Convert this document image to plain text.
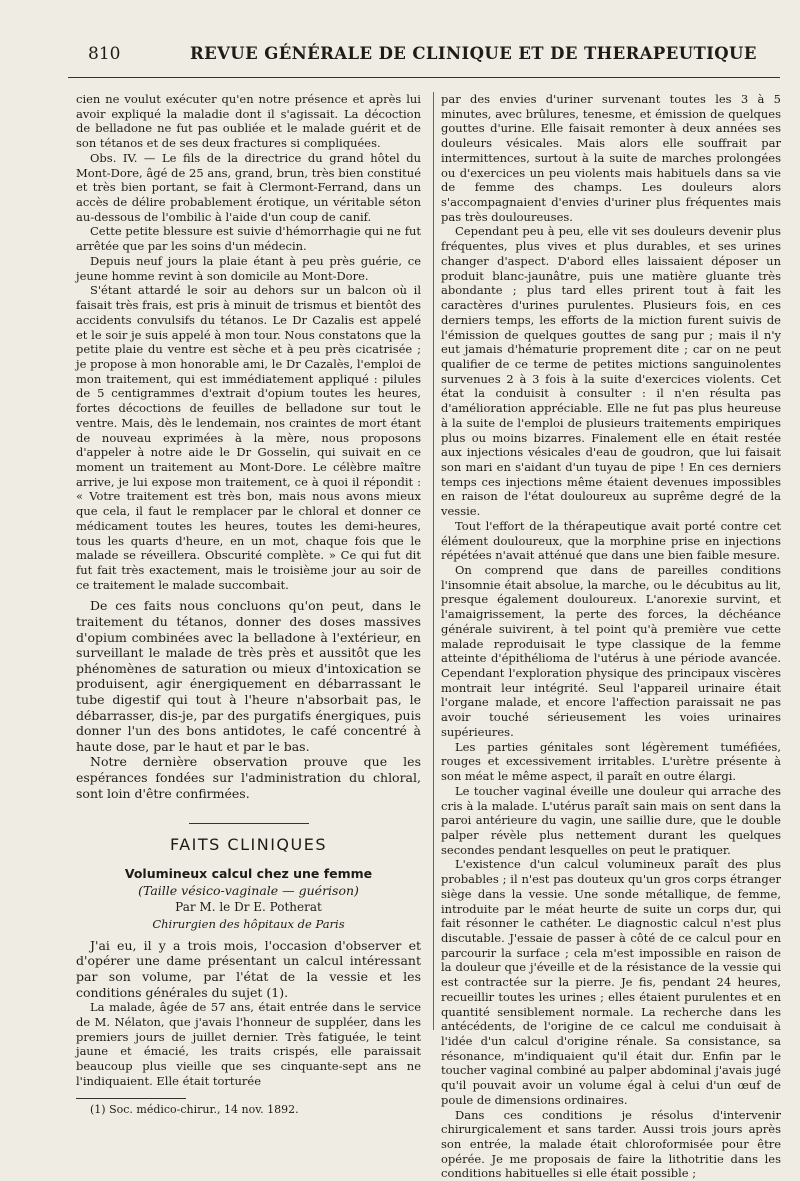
810	REVUE GÉNÉRALE DE CLINIQUE ET DE THERAPEUTIQUE

cien ne voulut exécuter qu'en notre présence et après lui avoir expliqué la maladie dont il s'agissait. La décoction de belladone ne fut pas oubliée et le malade guérit et de son tétanos et de ses deux fractures si compliquées.

Obs. IV. — Le fils de la directrice du grand hôtel du Mont-Dore, âgé de 25 ans, grand, brun, très bien constitué et très bien portant, se fait à Clermont-Ferrand, dans un accès de délire probablement érotique, un véritable séton au-dessous de l'ombilic à l'aide d'un coup de canif.

Cette petite blessure est suivie d'hémorrhagie qui ne fut arrêtée que par les soins d'un médecin.

Depuis neuf jours la plaie étant à peu près guérie, ce jeune homme revint à son domicile au Mont-Dore.

S'étant attardé le soir au dehors sur un balcon où il faisait très frais, est pris à minuit de trismus et bientôt des accidents convulsifs du tétanos. Le Dr Cazalis est appelé et le soir je suis appelé à mon tour. Nous constatons que la petite plaie du ventre est sèche et à peu près cicatrisée ; je propose à mon honorable ami, le Dr Cazalès, l'emploi de mon traitement, qui est immédiatement appliqué : pilules de 5 centigrammes d'extrait d'opium toutes les heures, fortes décoctions de feuilles de belladone sur tout le ventre. Mais, dès le lendemain, nos craintes de mort étant de nouveau exprimées à la mère, nous proposons d'appeler à notre aide le Dr Gosselin, qui suivait en ce moment un traitement au Mont-Dore. Le célèbre maître arrive, je lui expose mon traitement, ce à quoi il répondit : « Votre traitement est très bon, mais nous avons mieux que cela, il faut le remplacer par le chloral et donner ce médicament toutes les heures, toutes les demi-heures, tous les quarts d'heure, en un mot, chaque fois que le malade se réveillera. Obscurité complète. » Ce qui fut dit fut fait très exactement, mais le troisième jour au soir de ce traitement le malade succombait.

De ces faits nous concluons qu'on peut, dans le traitement du tétanos, donner des doses massives d'opium combinées avec la belladone à l'extérieur, en surveillant le malade de très près et aussitôt que les phénomènes de saturation ou mieux d'intoxication se produisent, agir énergiquement en débarrassant le tube digestif qui tout à l'heure n'absorbait pas, le débarrasser, dis-je, par des purgatifs énergiques, puis donner l'un des bons antidotes, le café concentré à haute dose, par le haut et par le bas.

Notre dernière observation prouve que les espérances fondées sur l'administration du chloral, sont loin d'être confirmées.

FAITS CLINIQUES
Volumineux calcul chez une femme
(Taille vésico-vaginale — guérison)
Par M. le Dr E. Potherat
Chirurgien des hôpitaux de Paris

J'ai eu, il y a trois mois, l'occasion d'observer et d'opérer une dame présentant un calcul intéressant par son volume, par l'état de la vessie et les conditions générales du sujet (1).

La malade, âgée de 57 ans, était entrée dans le service de M. Nélaton, que j'avais l'honneur de suppléer, dans les premiers jours de juillet dernier. Très fatiguée, le teint jaune et émacié, les traits crispés, elle paraissait beaucoup plus vieille que ses cinquante-sept ans ne l'indiquaient. Elle était torturée

(1) Soc. médico-chirur., 14 nov. 1892.

par des envies d'uriner survenant toutes les 3 à 5 minutes, avec brûlures, tenesme, et émission de quelques gouttes d'urine. Elle faisait remonter à deux années ses douleurs vésicales. Mais alors elle souffrait par intermittences, surtout à la suite de marches prolongées ou d'exercices un peu violents mais habituels dans sa vie de femme des champs. Les douleurs alors s'accompagnaient d'envies d'uriner plus fréquentes mais pas très douloureuses.

Cependant peu à peu, elle vit ses douleurs devenir plus fréquentes, plus vives et plus durables, et ses urines changer d'aspect. D'abord elles laissaient déposer un produit blanc-jaunâtre, puis une matière gluante très abondante ; plus tard elles prirent tout à fait les caractères d'urines purulentes. Plusieurs fois, en ces derniers temps, les efforts de la miction furent suivis de l'émission de quelques gouttes de sang pur ; mais il n'y eut jamais d'hématurie proprement dite ; car on ne peut qualifier de ce terme de petites mictions sanguinolentes survenues 2 à 3 fois à la suite d'exercices violents. Cet état la conduisit à consulter : il n'en résulta pas d'amélioration appréciable. Elle ne fut pas plus heureuse à la suite de l'emploi de plusieurs traitements empiriques plus ou moins bizarres. Finalement elle en était restée aux injections vésicales d'eau de goudron, que lui faisait son mari en s'aidant d'un tuyau de pipe ! En ces derniers temps ces injections même étaient devenues impossibles en raison de l'état douloureux au suprême degré de la vessie.

Tout l'effort de la thérapeutique avait porté contre cet élément douloureux, que la morphine prise en injections répétées n'avait atténué que dans une bien faible mesure.

On comprend que dans de pareilles conditions l'insomnie était absolue, la marche, ou le décubitus au lit, presque également douloureux. L'anorexie survint, et l'amaigrissement, la perte des forces, la déchéance générale suivirent, à tel point qu'à première vue cette malade reproduisait le type classique de la femme atteinte d'épithélioma de l'utérus à une période avancée. Cependant l'exploration physique des principaux viscères montrait leur intégrité. Seul l'appareil urinaire était l'organe malade, et encore l'affection paraissait ne pas avoir touché sérieusement les voies urinaires supérieures.

Les parties génitales sont légèrement tuméfiées, rouges et excessivement irritables. L'urètre présente à son méat le même aspect, il paraît en outre élargi.

Le toucher vaginal éveille une douleur qui arrache des cris à la malade. L'utérus paraît sain mais on sent dans la paroi antérieure du vagin, une saillie dure, que le double palper révèle plus nettement durant les quelques secondes pendant lesquelles on peut le pratiquer.

L'existence d'un calcul volumineux paraît des plus probables ; il n'est pas douteux qu'un gros corps étranger siège dans la vessie. Une sonde métallique, de femme, introduite par le méat heurte de suite un corps dur, qui fait résonner le cathéter. Le diagnostic calcul n'est plus discutable. J'essaie de passer à côté de ce calcul pour en parcourir la surface ; cela m'est impossible en raison de la douleur que j'éveille et de la résistance de la vessie qui est contractée sur la pierre. Je fis, pendant 24 heures, recueillir toutes les urines ; elles étaient purulentes et en quantité sensiblement normale. La recherche dans les antécédents, de l'origine de ce calcul me conduisait à l'idée d'un calcul d'origine rénale. Sa consistance, sa résonance, m'indiquaient qu'il était dur. Enfin par le toucher vaginal combiné au palper abdominal j'avais jugé qu'il pouvait avoir un volume égal à celui d'un œuf de poule de dimensions ordinaires.

Dans ces conditions je résolus d'intervenir chirurgicalement et sans tarder. Aussi trois jours après son entrée, la malade était chloroformisée pour être opérée. Je me proposais de faire la lithotritie dans les conditions habituelles si elle était possible ;
